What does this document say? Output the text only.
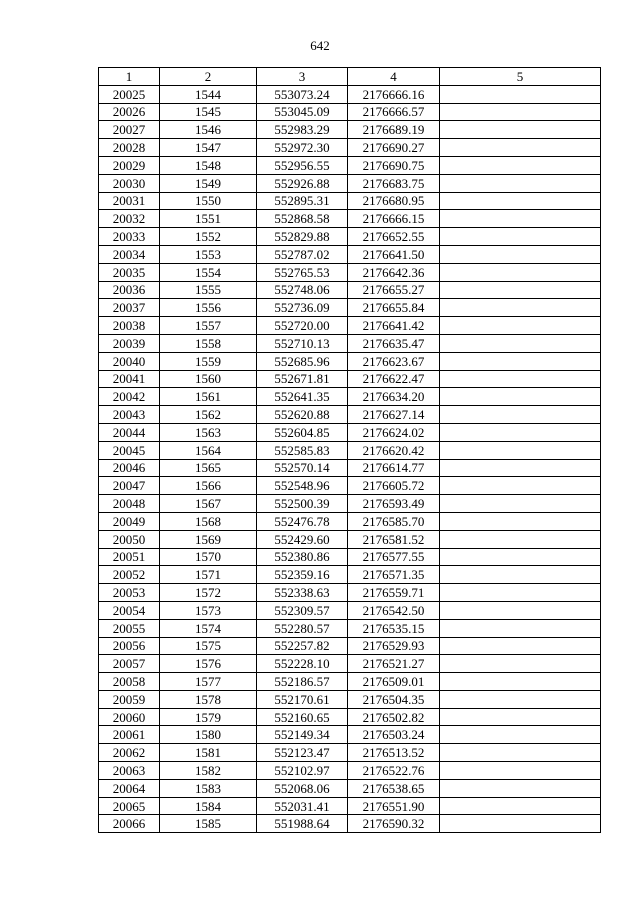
642
1	2	3	4	5
20025	1544	553073.24	2176666.16	
20026	1545	553045.09	2176666.57	
20027	1546	552983.29	2176689.19	
20028	1547	552972.30	2176690.27	
20029	1548	552956.55	2176690.75	
20030	1549	552926.88	2176683.75	
20031	1550	552895.31	2176680.95	
20032	1551	552868.58	2176666.15	
20033	1552	552829.88	2176652.55	
20034	1553	552787.02	2176641.50	
20035	1554	552765.53	2176642.36	
20036	1555	552748.06	2176655.27	
20037	1556	552736.09	2176655.84	
20038	1557	552720.00	2176641.42	
20039	1558	552710.13	2176635.47	
20040	1559	552685.96	2176623.67	
20041	1560	552671.81	2176622.47	
20042	1561	552641.35	2176634.20	
20043	1562	552620.88	2176627.14	
20044	1563	552604.85	2176624.02	
20045	1564	552585.83	2176620.42	
20046	1565	552570.14	2176614.77	
20047	1566	552548.96	2176605.72	
20048	1567	552500.39	2176593.49	
20049	1568	552476.78	2176585.70	
20050	1569	552429.60	2176581.52	
20051	1570	552380.86	2176577.55	
20052	1571	552359.16	2176571.35	
20053	1572	552338.63	2176559.71	
20054	1573	552309.57	2176542.50	
20055	1574	552280.57	2176535.15	
20056	1575	552257.82	2176529.93	
20057	1576	552228.10	2176521.27	
20058	1577	552186.57	2176509.01	
20059	1578	552170.61	2176504.35	
20060	1579	552160.65	2176502.82	
20061	1580	552149.34	2176503.24	
20062	1581	552123.47	2176513.52	
20063	1582	552102.97	2176522.76	
20064	1583	552068.06	2176538.65	
20065	1584	552031.41	2176551.90	
20066	1585	551988.64	2176590.32	
